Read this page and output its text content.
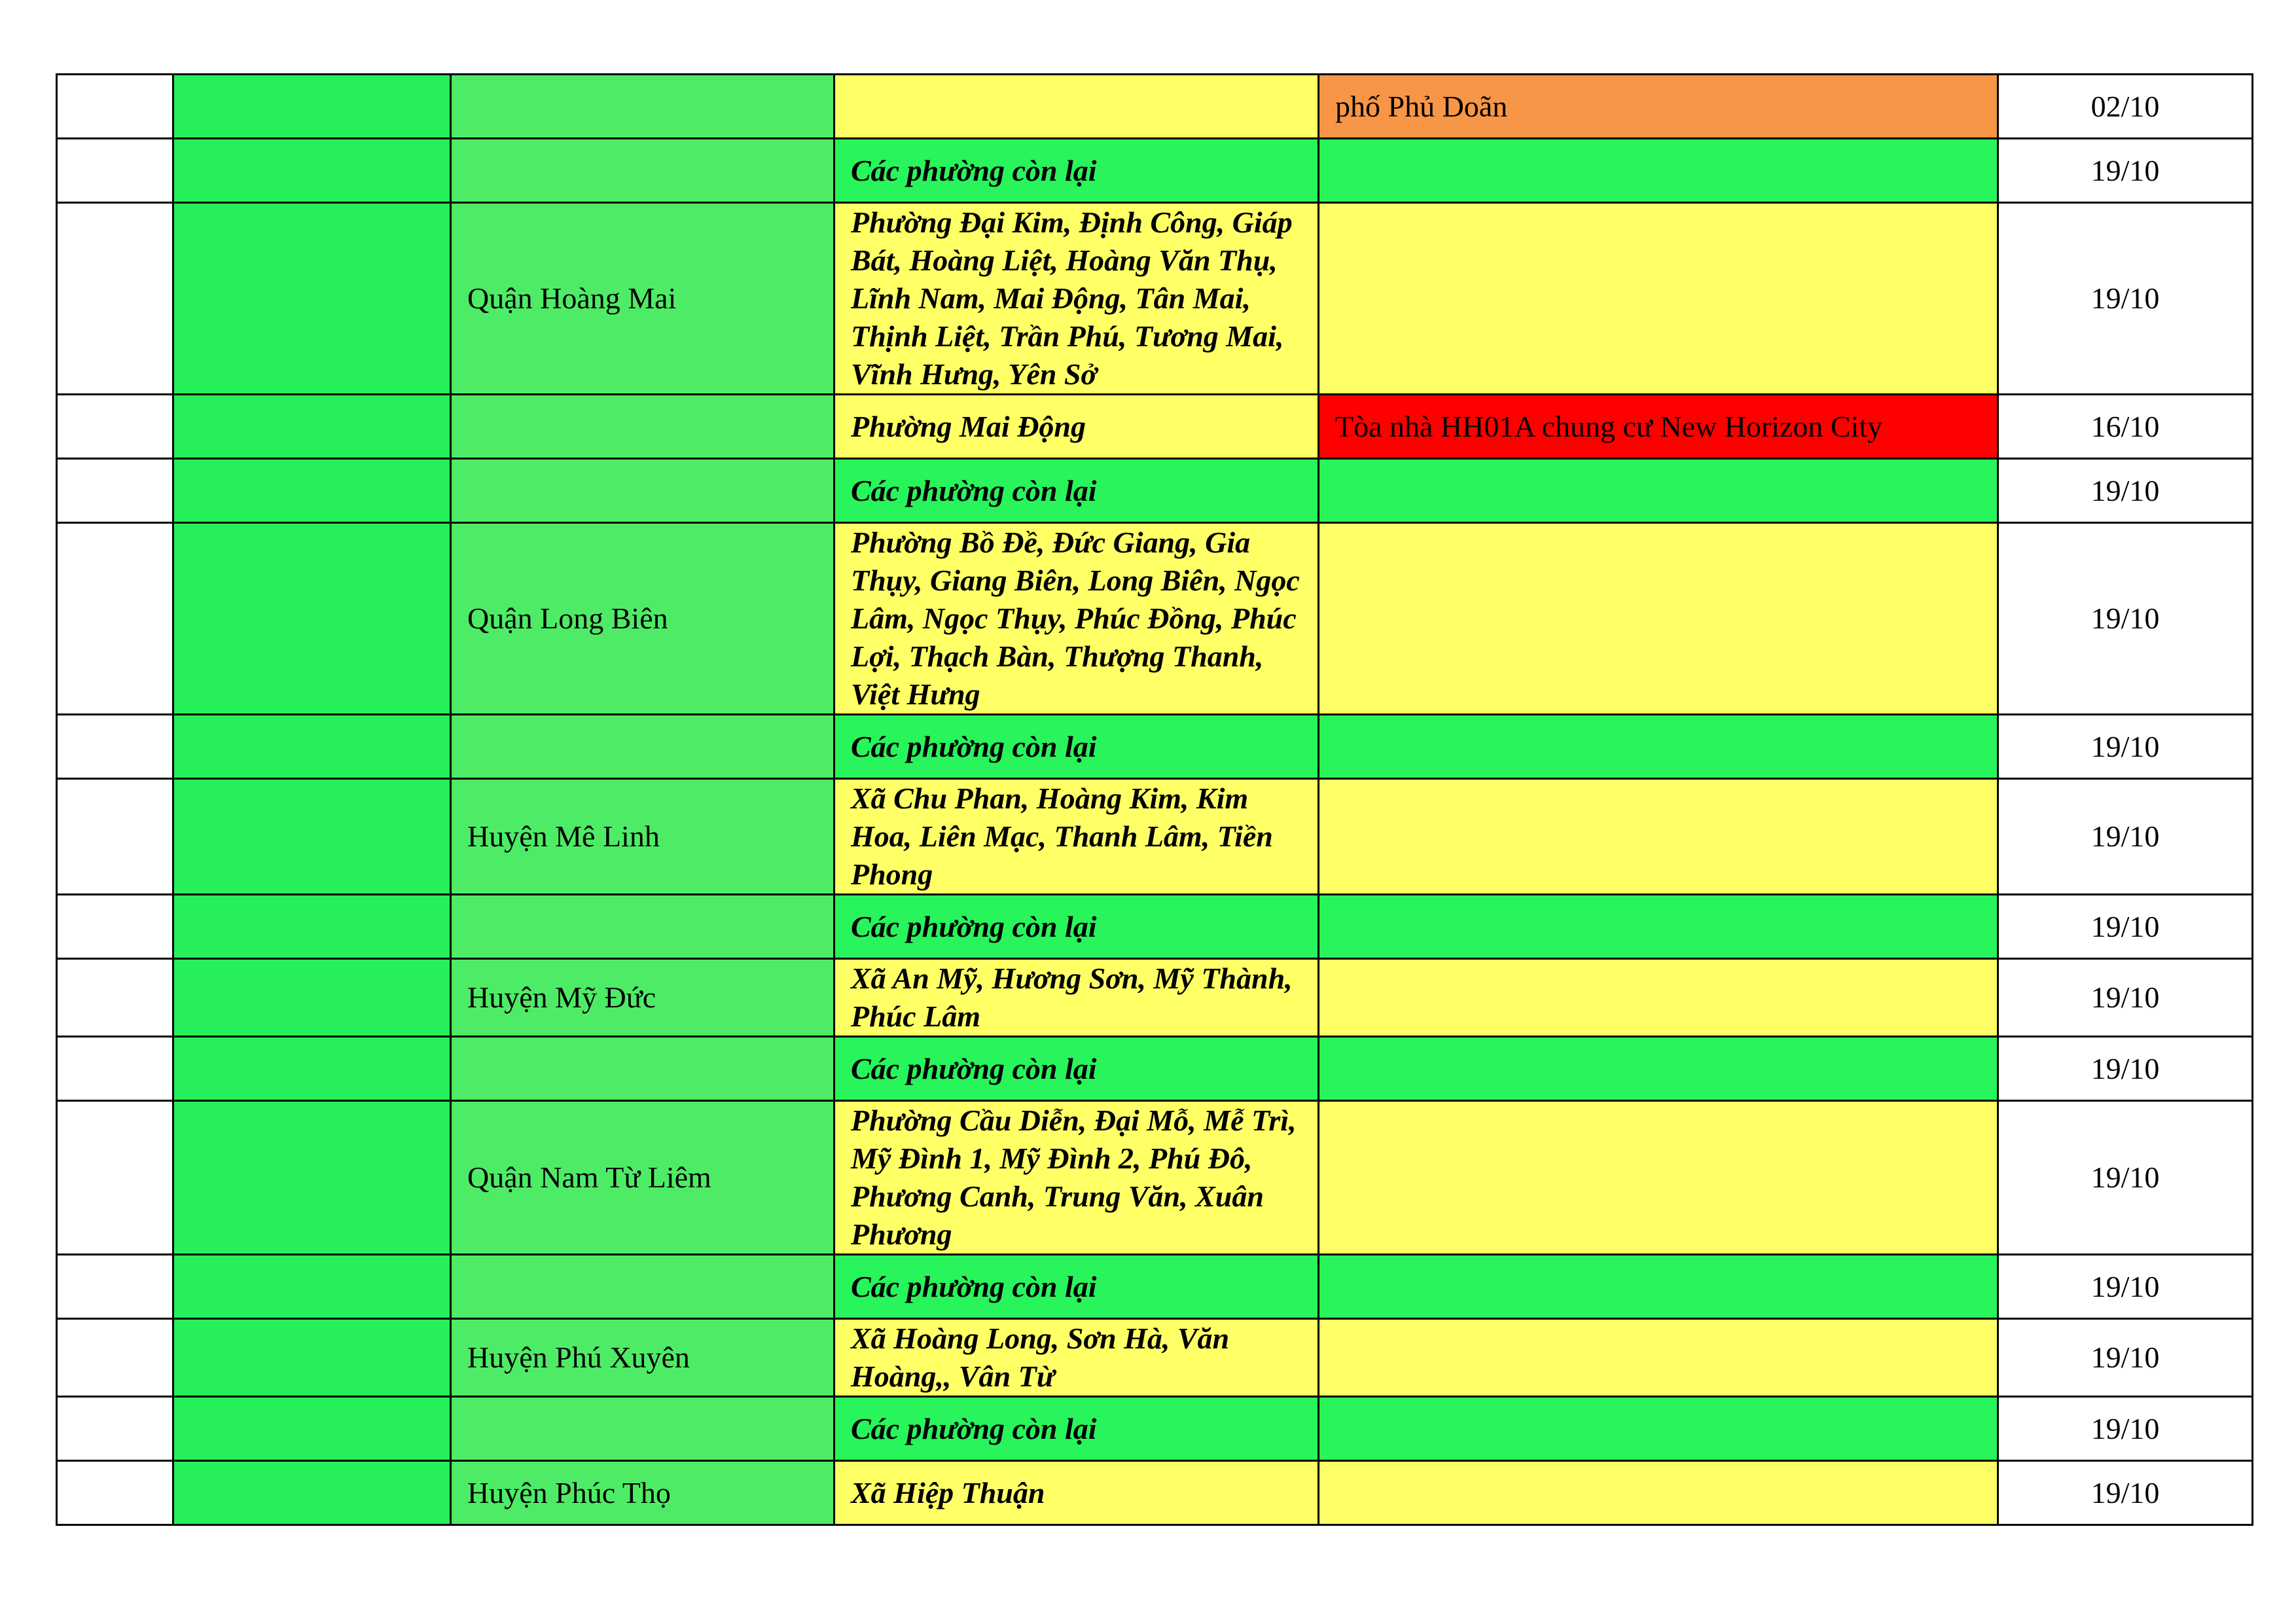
				phố Phủ Doãn	02/10
			Các phường còn lại		19/10
		Quận Hoàng Mai	Phường Đại Kim, Định Công, Giáp Bát, Hoàng Liệt, Hoàng Văn Thụ, Lĩnh Nam, Mai Động, Tân Mai, Thịnh Liệt, Trần Phú, Tương Mai, Vĩnh Hưng, Yên Sở		19/10
			Phường Mai Động	Tòa nhà HH01A chung cư New Horizon City	16/10
			Các phường còn lại		19/10
		Quận Long Biên	Phường Bồ Đề, Đức Giang, Gia Thụy, Giang Biên, Long Biên, Ngọc Lâm, Ngọc Thụy, Phúc Đồng, Phúc Lợi, Thạch Bàn, Thượng Thanh, Việt Hưng		19/10
			Các phường còn lại		19/10
		Huyện Mê Linh	Xã Chu Phan, Hoàng Kim, Kim Hoa, Liên Mạc, Thanh Lâm, Tiền Phong		19/10
			Các phường còn lại		19/10
		Huyện Mỹ Đức	Xã An Mỹ, Hương Sơn, Mỹ Thành, Phúc Lâm		19/10
			Các phường còn lại		19/10
		Quận Nam Từ Liêm	Phường Cầu Diễn, Đại Mỗ, Mễ Trì, Mỹ Đình 1, Mỹ Đình 2, Phú Đô, Phương Canh, Trung Văn, Xuân Phương		19/10
			Các phường còn lại		19/10
		Huyện Phú Xuyên	Xã Hoàng Long, Sơn Hà, Văn Hoàng,, Vân Từ		19/10
			Các phường còn lại		19/10
		Huyện Phúc Thọ	Xã Hiệp Thuận		19/10
